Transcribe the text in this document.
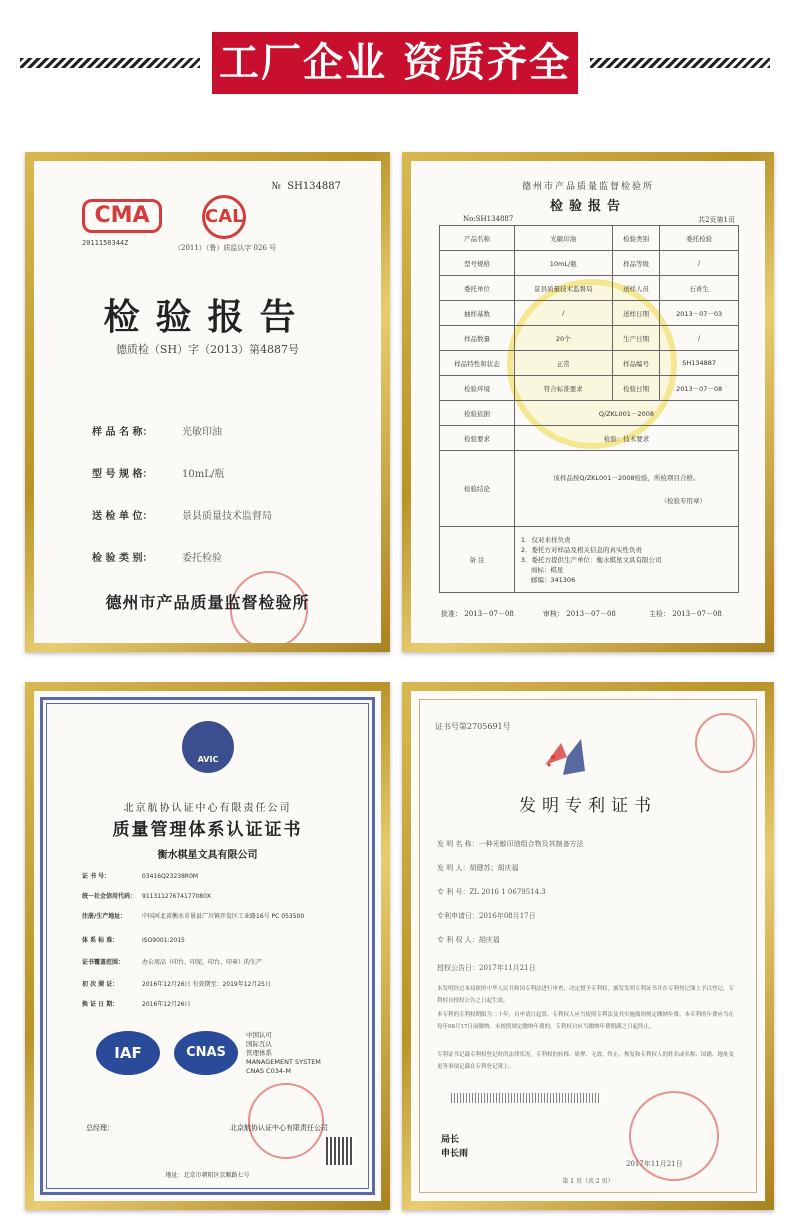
工厂企业 资质齐全
№ SH134887
CMA
2011150344Z
CAL
（2011）（鲁）质监认字 026 号
检验报告
德质检（SH）字（2013）第4887号
样 品 名 称：	光敏印油
型 号 规 格：	10mL/瓶
送 检 单 位：	景县质量技术监督局
检 验 类 别：	委托检验
德州市产品质量监督检验所
德州市产品质量监督检验所
检验报告
No:SH134887	共2页第1页
产品名称	光敏印油	检验类别	委托检验
型号规格	10mL/瓶	样品等级	/
委托单位	景县质量技术监督局	送样人员	石喜生
抽样基数	/	送样日期	2013－07－03
样品数量	20个	生产日期	/
样品特性和状态	正常	样品编号	SH134887
检验环境	符合标准要求	检验日期	2013－07－08
检验依据	Q/ZKL001－2008		
检验要求	检验：技术要求		
检验结论	该样品按Q/ZKL001－2008检验，所检项目合格。
（检验专用章）		

备 注	1．仅对来样负责
2．委托方对样品及相关信息的真实性负责
3．委托方提供生产单位：衡水棋星文具有限公司
商标：棋星
邮编：341306		
批准： 2013－07－08	审核： 2013－07－08	主检： 2013－07－08
AVIC
北京航协认证中心有限责任公司
质量管理体系认证证书
衡水棋星文具有限公司
证 书 号：	03416Q23238R0M
统一社会信用代码： 91131127674177080X
注册/生产地址：	中国河北省衡水市景县广川镇开发区工业路16号 PC 053500
体 系 标 准：	ISO9001:2015
证书覆盖范围：	办公用品（印台、印泥、印台、印章）的生产
初 次 颁 证：	2016年12月26日 有效期至：2019年12月25日
换 证 日 期：	2016年12月26日
IAF	CNAS
中国认可
国际互认
管理体系
MANAGEMENT SYSTEM
CNAS C034-M
总经理：	北京航协认证中心有限责任公司
地址：北京市朝阳区京顺路七号
证书号第2705691号
发明专利证书
发 明 名 称：一种光敏印油组合物及其制备方法
发 明 人：胡健苏；胡庆福
专 利 号：ZL 2016 1 0679514.3
专利申请日：2016年08月17日
专 利 权 人：胡庆福
授权公告日：2017年11月21日
本发明经过本局依照中华人民共和国专利法进行审查，决定授予专利权，颁发发明专利证书并在专利登记簿上予以登记。专利权自授权公告之日起生效。
本专利的专利权期限为二十年，自申请日起算。专利权人应当依照专利法及其实施细则规定缴纳年费。本专利的年费应当在每年08月17日前缴纳。未按照规定缴纳年费的，专利权自应当缴纳年费期满之日起终止。
专利证书记载专利权登记时的法律状况。专利权的转移、质押、无效、终止、恢复和专利权人的姓名或名称、国籍、地址变更等事项记载在专利登记簿上。
局长
申长雨
2017年11月21日
第 1 页（共 2 页）
